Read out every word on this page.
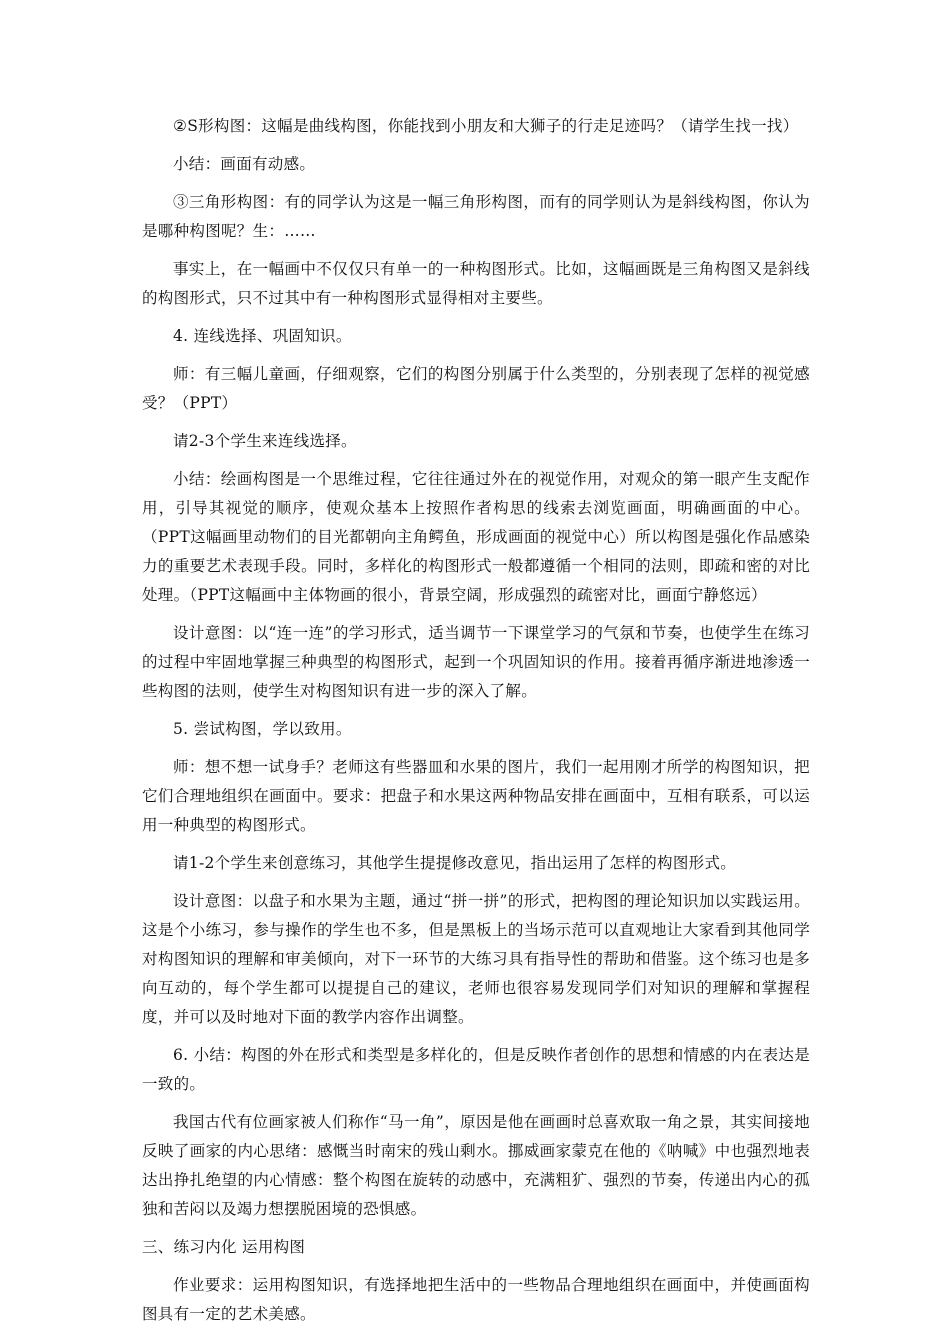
②S形构图：这幅是曲线构图，你能找到小朋友和大狮子的行走足迹吗？（请学生找一找）

小结：画面有动感。

③三角形构图：有的同学认为这是一幅三角形构图，而有的同学则认为是斜线构图，你认为是哪种构图呢？生：……

事实上，在一幅画中不仅仅只有单一的一种构图形式。比如，这幅画既是三角构图又是斜线的构图形式，只不过其中有一种构图形式显得相对主要些。

4. 连线选择、巩固知识。

师：有三幅儿童画，仔细观察，它们的构图分别属于什么类型的，分别表现了怎样的视觉感受？（PPT）

请2-3个学生来连线选择。

小结：绘画构图是一个思维过程，它往往通过外在的视觉作用，对观众的第一眼产生支配作用，引导其视觉的顺序，使观众基本上按照作者构思的线索去浏览画面，明确画面的中心。（PPT这幅画里动物们的目光都朝向主角鳄鱼，形成画面的视觉中心）所以构图是强化作品感染力的重要艺术表现手段。同时，多样化的构图形式一般都遵循一个相同的法则，即疏和密的对比处理。（PPT这幅画中主体物画的很小，背景空阔，形成强烈的疏密对比，画面宁静悠远）

设计意图：以“连一连”的学习形式，适当调节一下课堂学习的气氛和节奏，也使学生在练习的过程中牢固地掌握三种典型的构图形式，起到一个巩固知识的作用。接着再循序渐进地渗透一些构图的法则，使学生对构图知识有进一步的深入了解。

5. 尝试构图，学以致用。

师：想不想一试身手？老师这有些器皿和水果的图片，我们一起用刚才所学的构图知识，把它们合理地组织在画面中。要求：把盘子和水果这两种物品安排在画面中，互相有联系，可以运用一种典型的构图形式。

请1-2个学生来创意练习，其他学生提提修改意见，指出运用了怎样的构图形式。

设计意图：以盘子和水果为主题，通过“拼一拼”的形式，把构图的理论知识加以实践运用。这是个小练习，参与操作的学生也不多，但是黑板上的当场示范可以直观地让大家看到其他同学对构图知识的理解和审美倾向，对下一环节的大练习具有指导性的帮助和借鉴。这个练习也是多向互动的，每个学生都可以提提自己的建议，老师也很容易发现同学们对知识的理解和掌握程度，并可以及时地对下面的教学内容作出调整。

6. 小结：构图的外在形式和类型是多样化的，但是反映作者创作的思想和情感的内在表达是一致的。

我国古代有位画家被人们称作“马一角”，原因是他在画画时总喜欢取一角之景，其实间接地反映了画家的内心思绪：感慨当时南宋的残山剩水。挪威画家蒙克在他的《呐喊》中也强烈地表达出挣扎绝望的内心情感：整个构图在旋转的动感中，充满粗犷、强烈的节奏，传递出内心的孤独和苦闷以及竭力想摆脱困境的恐惧感。

三、练习内化 运用构图

作业要求：运用构图知识，有选择地把生活中的一些物品合理地组织在画面中，并使画面构图具有一定的艺术美感。
